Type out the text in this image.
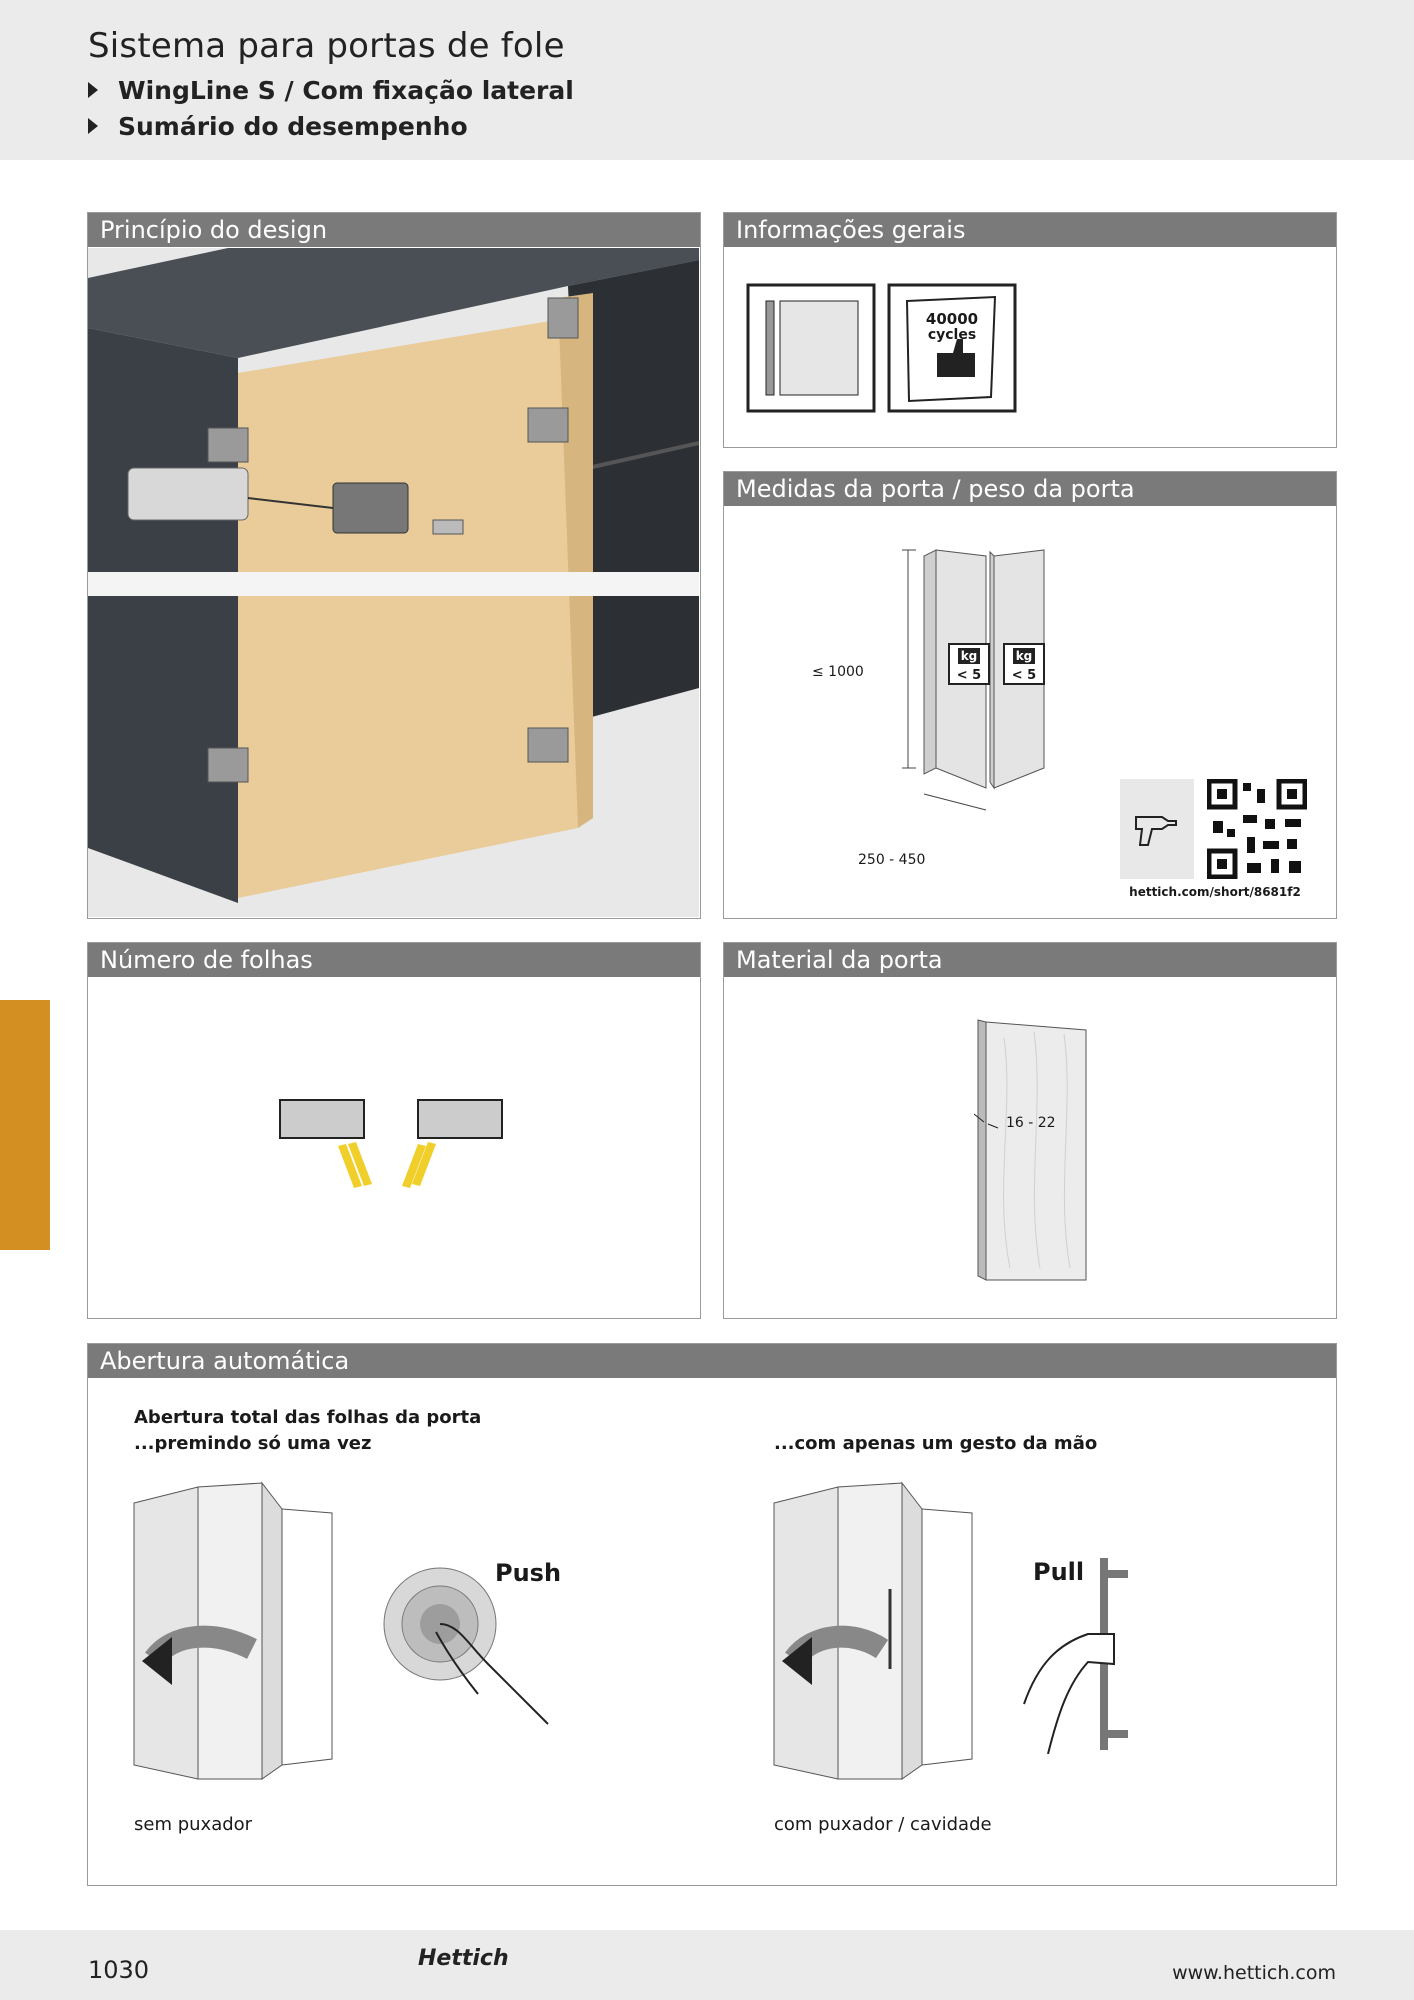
Sistema para portas de fole
WingLine S / Com fixação lateral
Sumário do desempenho
Princípio do design	Informações gerais
40000
cycles
Medidas da porta / peso da porta
≤ 1000
250 - 450
kg
< 5
kg
< 5
hettich.com/short/8681f2
Número de folhas	Material da porta
16 - 22
Abertura automática
Abertura total das folhas da porta
...premindo só uma vez	...com apenas um gesto da mão
Push	Pull
sem puxador	com puxador / cavidade
1030	Hettich
www.hettich.com
